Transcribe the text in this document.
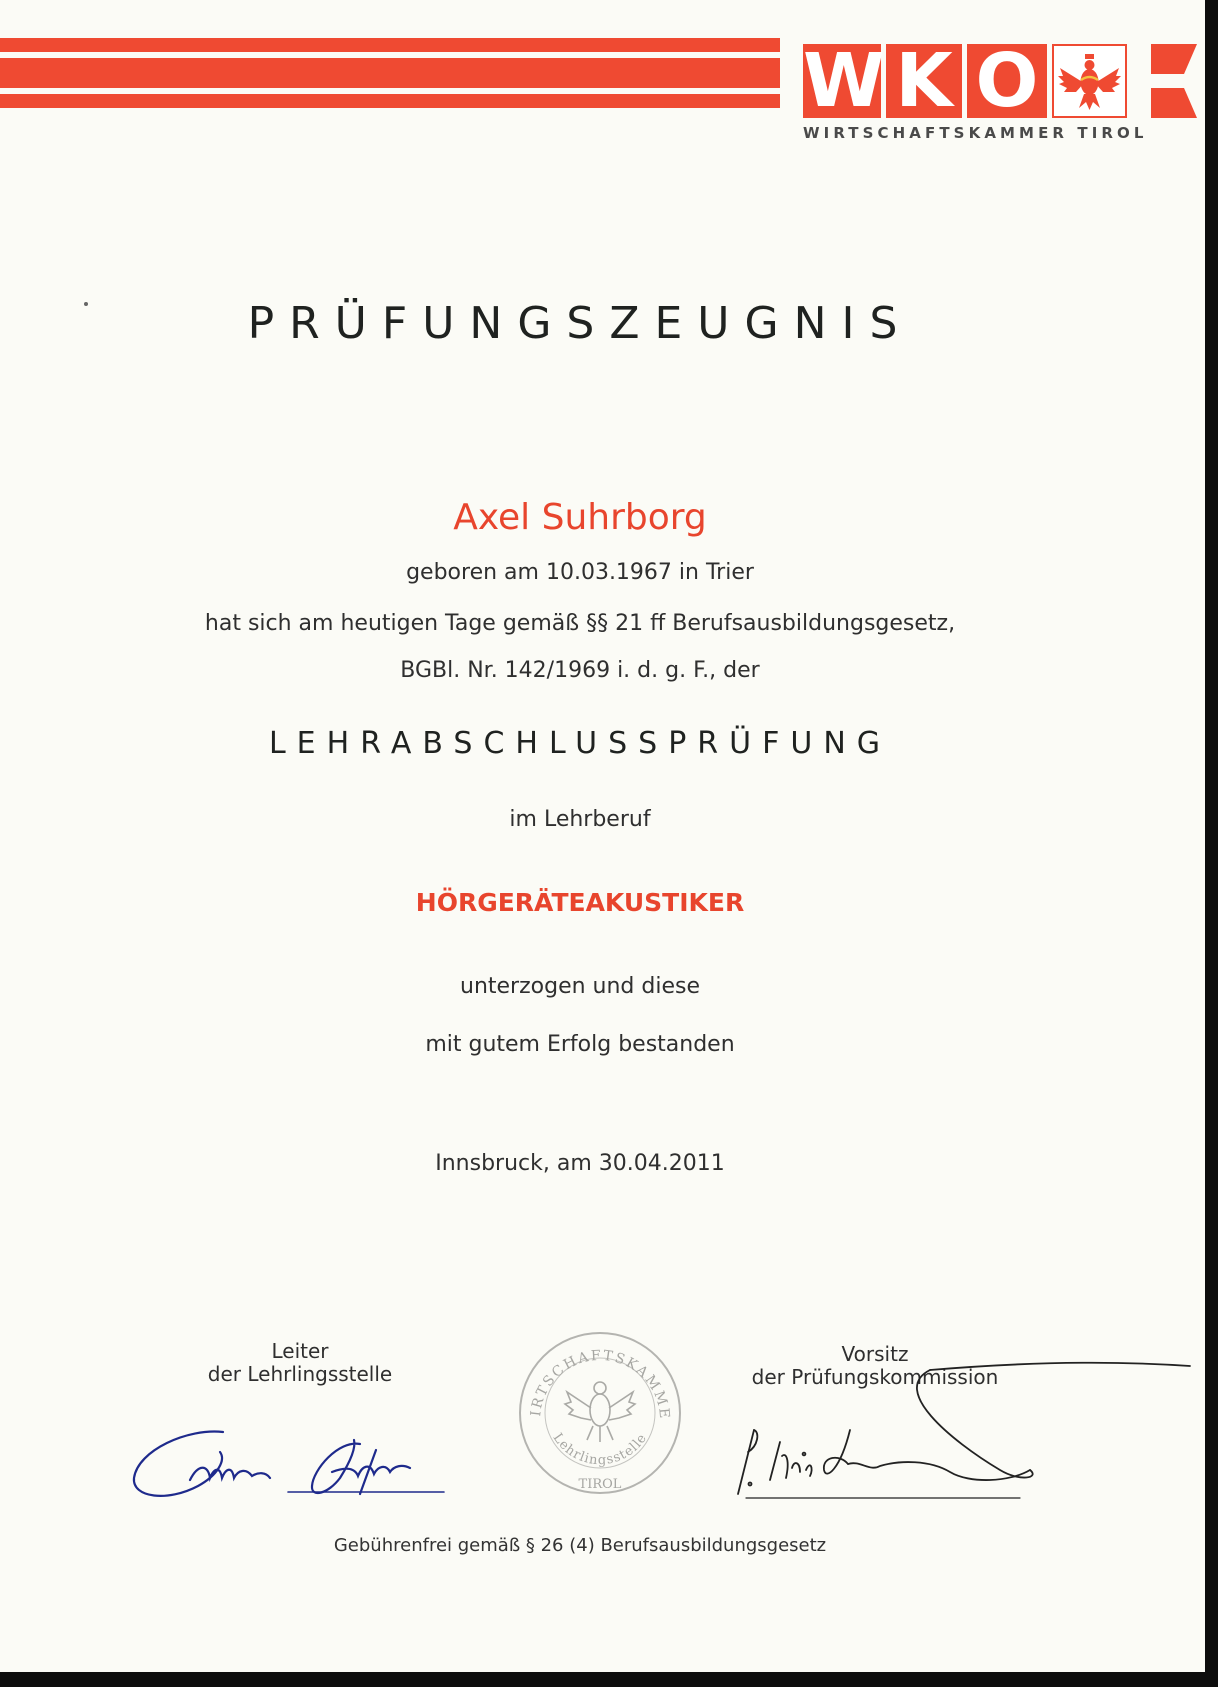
W K O
WIRTSCHAFTSKAMMER TIROL
PRÜFUNGSZEUGNIS
Axel Suhrborg
geboren am 10.03.1967 in Trier
hat sich am heutigen Tage gemäß §§ 21 ff Berufsausbildungsgesetz,
BGBl. Nr. 142/1969 i. d. g. F., der
LEHRABSCHLUSSPRÜFUNG
im Lehrberuf
HÖRGERÄTEAKUSTIKER
unterzogen und diese
mit gutem Erfolg bestanden
Innsbruck, am 30.04.2011
Leiter
der Lehrlingsstelle
WIRTSCHAFTSKAMMER
Lehrlingsstelle
TIROL
Vorsitz
der Prüfungskommission
Gebührenfrei gemäß § 26 (4) Berufsausbildungsgesetz
